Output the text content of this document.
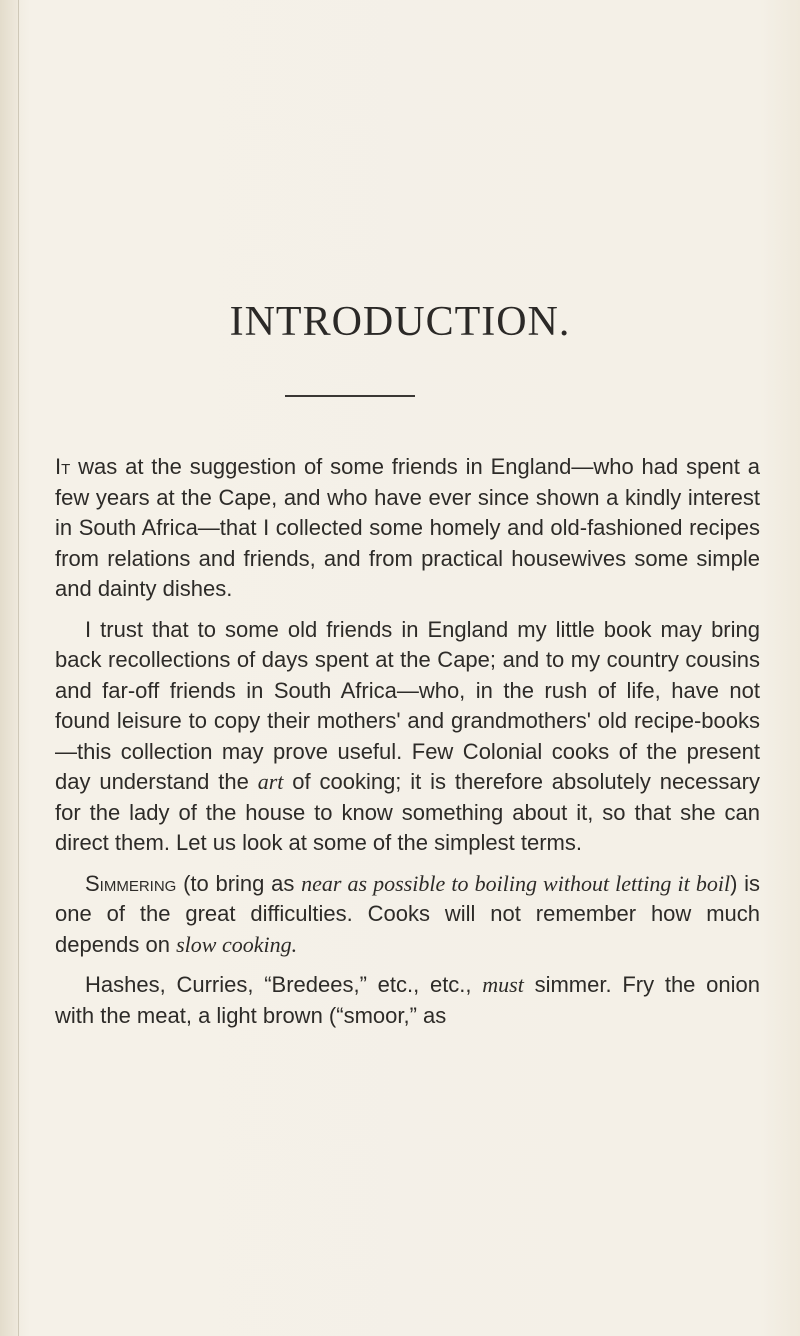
INTRODUCTION.

It was at the suggestion of some friends in England—who had spent a few years at the Cape, and who have ever since shown a kindly interest in South Africa—that I collected some homely and old-fashioned recipes from relations and friends, and from practical housewives some simple and dainty dishes.

I trust that to some old friends in England my little book may bring back recollections of days spent at the Cape; and to my country cousins and far-off friends in South Africa—who, in the rush of life, have not found leisure to copy their mothers' and grandmothers' old recipe-books—this collection may prove useful. Few Colonial cooks of the present day understand the art of cooking; it is therefore absolutely necessary for the lady of the house to know something about it, so that she can direct them. Let us look at some of the simplest terms.

Simmering (to bring as near as possible to boiling without letting it boil) is one of the great difficulties. Cooks will not remember how much depends on slow cooking.

Hashes, Curries, “Bredees,” etc., etc., must simmer. Fry the onion with the meat, a light brown (“smoor,” as
